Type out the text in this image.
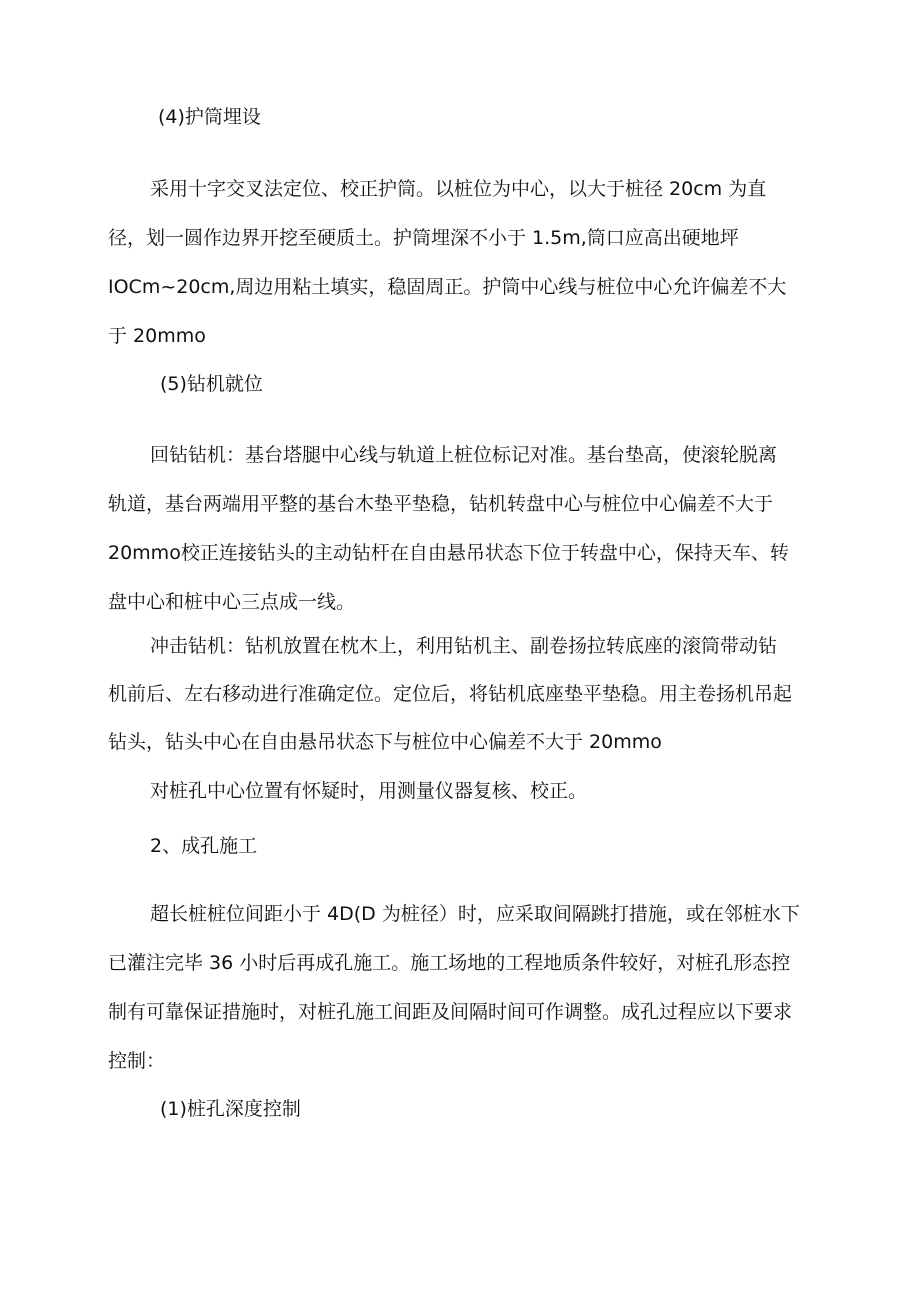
(4)护筒埋设
采用十字交叉法定位、校正护筒。以桩位为中心，以大于桩径 20cm 为直
径，划一圆作边界开挖至硬质土。护筒埋深不小于 1.5m,筒口应高出硬地坪
IOCm~20cm,周边用粘土填实，稳固周正。护筒中心线与桩位中心允许偏差不大
于 20mmo
(5)钻机就位
回钻钻机：基台塔腿中心线与轨道上桩位标记对准。基台垫高，使滚轮脱离
轨道，基台两端用平整的基台木垫平垫稳，钻机转盘中心与桩位中心偏差不大于
20mmo校正连接钻头的主动钻杆在自由悬吊状态下位于转盘中心，保持天车、转
盘中心和桩中心三点成一线。
冲击钻机：钻机放置在枕木上，利用钻机主、副卷扬拉转底座的滚筒带动钻
机前后、左右移动进行准确定位。定位后，将钻机底座垫平垫稳。用主卷扬机吊起
钻头，钻头中心在自由悬吊状态下与桩位中心偏差不大于 20mmo
对桩孔中心位置有怀疑时，用测量仪器复核、校正。
2、成孔施工
超长桩桩位间距小于 4D(D 为桩径）时，应采取间隔跳打措施，或在邻桩水下
已灌注完毕 36 小时后再成孔施工。施工场地的工程地质条件较好，对桩孔形态控
制有可靠保证措施时，对桩孔施工间距及间隔时间可作调整。成孔过程应以下要求
控制：
(1)桩孔深度控制
